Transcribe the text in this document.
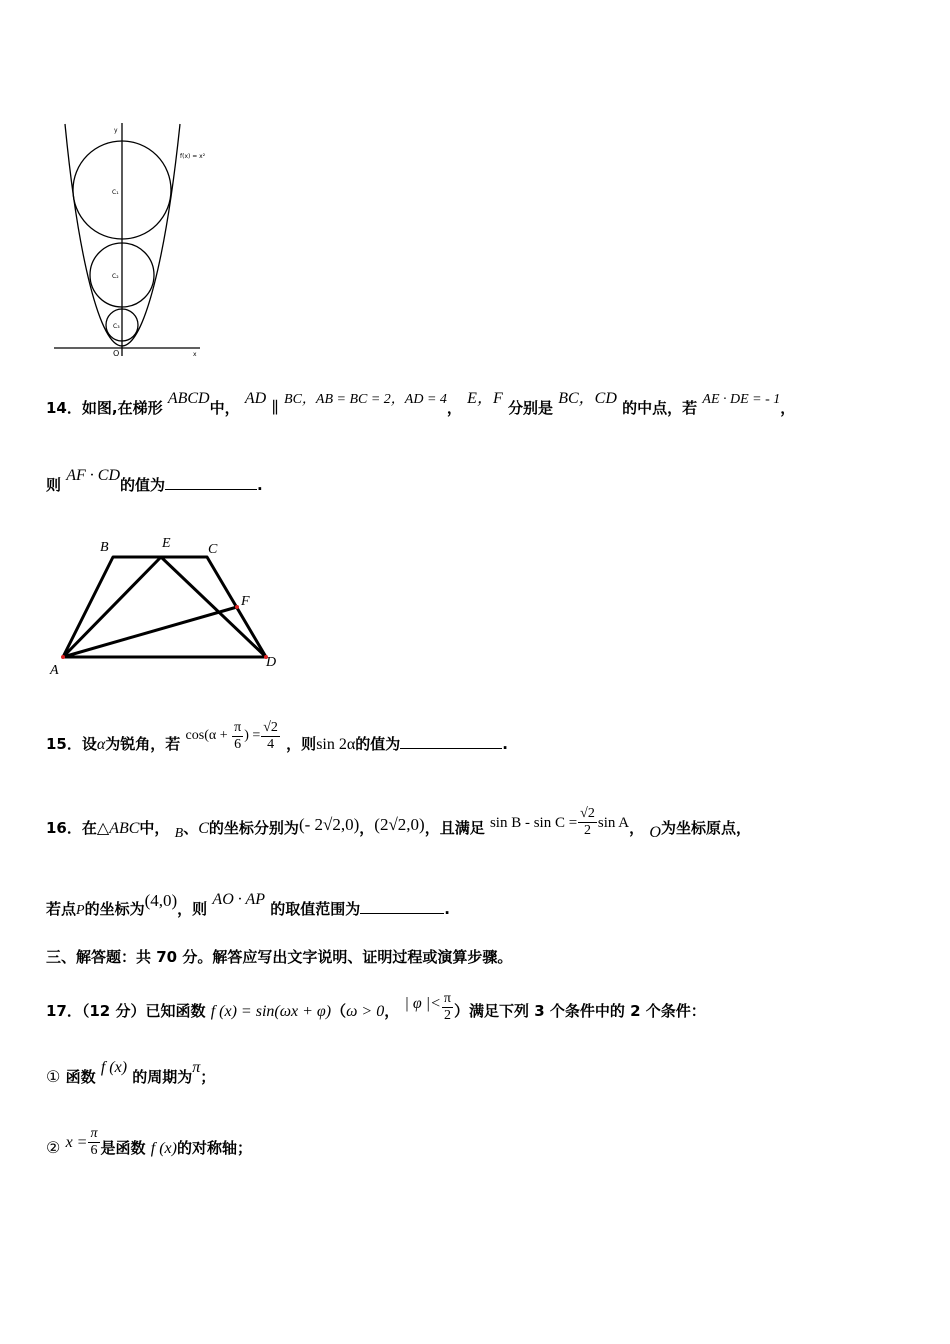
y
x
O
f(x) = x²
C₁
C₂
C₃
14．如图,在梯形 ABCD中， AD ∥ BC，AB = BC = 2，AD = 4， E，F 分别是 BC，CD 的中点，若 AE · DE = - 1，
则 AF · CD的值为	.
A
B	C
D
E
F
15．设α为锐角，若 $\cos(\alpha + \frac{\pi}{6}$ ) = $\frac{√2}{4}$ ，则sin 2α的值为	.
16．在△ABC中， B、C的坐标分别为(- 2√2,0)，(2√2,0)，且满足 $\sin B - \sin C = \frac{√2}{2}$ sin A， O为坐标原点，
若点P的坐标为(4,0)，则 AO · AP 的取值范围为	.
三、解答题：共 70 分。解答应写出文字说明、证明过程或演算步骤。
17．（12 分）已知函数 f (x) = sin(ωx + φ)（ω > 0， | φ |< $\frac{\pi}{2}$ ）满足下列 3 个条件中的 2 个条件：
① 函数 f (x) 的周期为π；
② $x = \frac{\pi}{6}$ 是函数 f (x)的对称轴；
